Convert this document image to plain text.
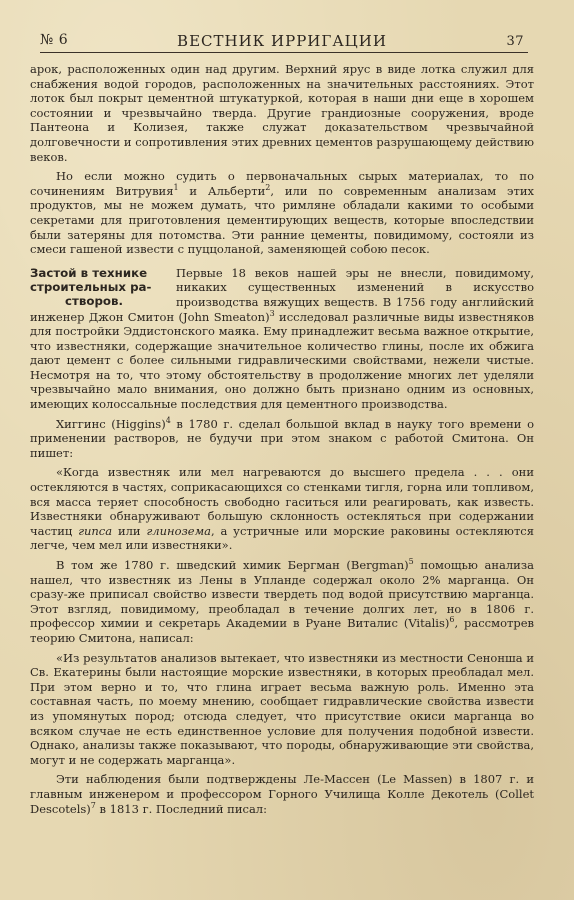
№ 6	ВЕСТНИК ИРРИГАЦИИ	37

арок, расположенных один над другим. Верхний ярус в виде лотка служил для снабжения водой городов, расположенных на значительных расстояниях. Этот лоток был покрыт цементной штукатуркой, которая в наши дни еще в хорошем состоянии и чрезвычайно тверда. Другие грандиозные сооружения, вроде Пантеона и Колизея, также служат доказательством чрезвычайной долговечности и сопротивления этих древних цементов разрушающему действию веков.

Но если можно судить о первоначальных сырых материалах, то по сочинениям Витрувия$^1$ и Альберти$^2$, или по современным анализам этих продуктов, мы не можем думать, что римляне обладали какими то особыми секретами для приготовления цементирующих веществ, которые впоследствии были затеряны для потомства. Эти ранние цементы, повидимому, состояли из смеси гашеной извести с пуццоланой, заменяющей собою песок.

Застой в технике
строительных ра-
створов.

Первые 18 веков нашей эры не внесли, повидимому, никаких существенных изменений в искусство производства вяжущих веществ. В 1756 году английский инженер Джон Смитон (John Smeaton)$^3$ исследовал различные виды известняков для постройки Эддистонского маяка. Ему принадлежит весьма важное открытие, что известняки, содержащие значительное количество глины, после их обжига дают цемент с более сильными гидравлическими свойствами, нежели чистые. Несмотря на то, что этому обстоятельству в продолжение многих лет уделяли чрезвычайно мало внимания, оно должно быть признано одним из основных, имеющих колоссальные последствия для цементного производства.

Хиггинс (Higgins)$^4$ в 1780 г. сделал большой вклад в науку того времени о применении растворов, не будучи при этом знаком с работой Смитона. Он пишет:

«Когда известняк или мел нагреваются до высшего предела . . . они остекляются в частях, соприкасающихся со стенками тигля, горна или топливом, вся масса теряет способность свободно гаситься или реагировать, как известь. Известняки обнаруживают большую склонность остекляться при содержании частиц гипса или глинозема, а устричные или морские раковины остекляются легче, чем мел или известняки».

В том же 1780 г. шведский химик Бергман (Bergman)$^5$ помощью анализа нашел, что известняк из Лены в Упланде содержал около 2% марганца. Он сразу-же приписал свойство извести твердеть под водой присутствию марганца. Этот взгляд, повидимому, преобладал в течение долгих лет, но в 1806 г. профессор химии и секретарь Академии в Руане Виталис (Vitalis)$^6$, рассмотрев теорию Смитона, написал:

«Из результатов анализов вытекает, что известняки из местности Сенонша и Св. Екатерины были настоящие морские известняки, в которых преобладал мел. При этом верно и то, что глина играет весьма важную роль. Именно эта составная часть, по моему мнению, сообщает гидравлические свойства извести из упомянутых пород; отсюда следует, что присутствие окиси марганца во всяком случае не есть единственное условие для получения подобной извести. Однако, анализы также показывают, что породы, обнаруживающие эти свойства, могут и не содержать марганца».

Эти наблюдения были подтверждены Ле-Массен (Le Massen) в 1807 г. и главным инженером и профессором Горного Училища Колле Декотель (Collet Descotels)$^7$ в 1813 г. Последний писал:
